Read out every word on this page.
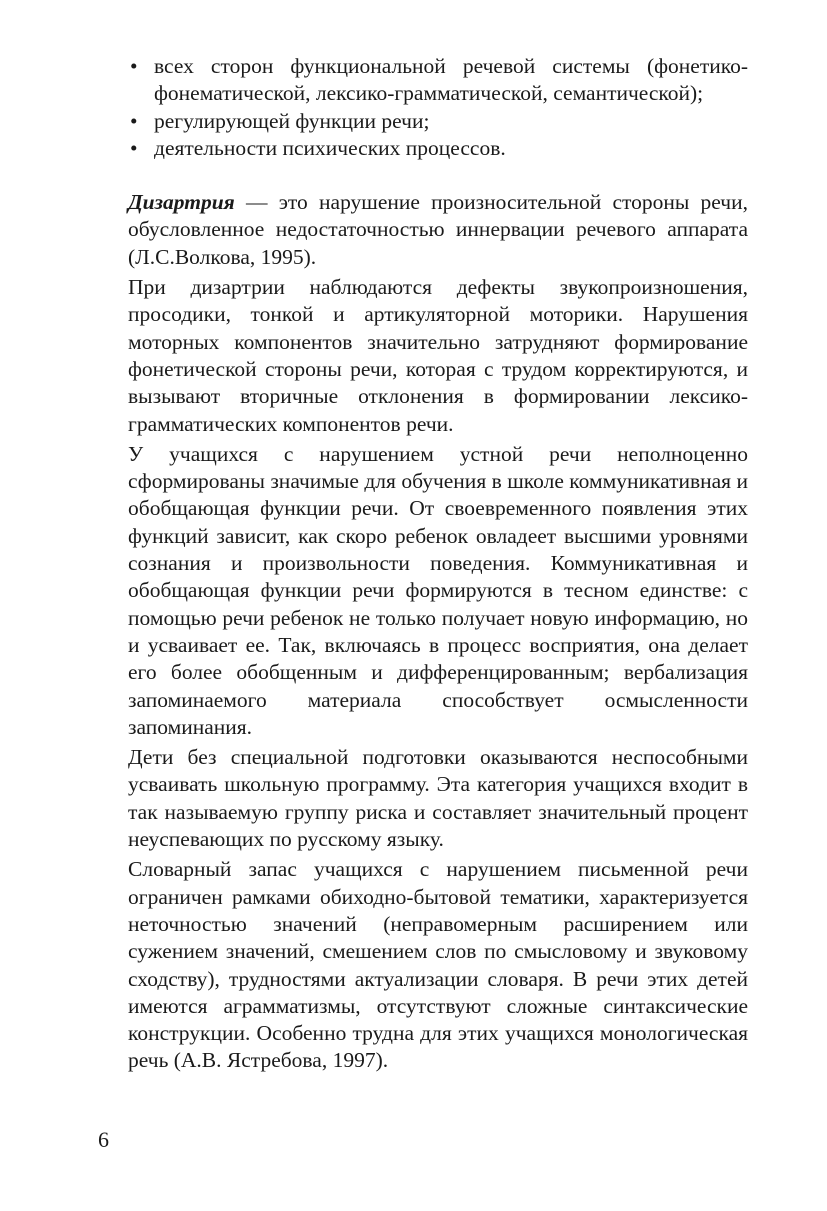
• всех сторон функциональной речевой системы (фонетико-фонематической, лексико-грамматической, семантической);
• регулирующей функции речи;
• деятельности психических процессов.

Дизартрия — это нарушение произносительной стороны речи, обусловленное недостаточностью иннервации речевого аппарата (Л.С.Волкова, 1995).

При дизартрии наблюдаются дефекты звукопроизношения, просодики, тонкой и артикуляторной моторики. Нарушения моторных компонентов значительно затрудняют формирование фонетической стороны речи, которая с трудом корректируются, и вызывают вторичные отклонения в формировании лексико-грамматических компонентов речи.

У учащихся с нарушением устной речи неполноценно сформированы значимые для обучения в школе коммуникативная и обобщающая функции речи. От своевременного появления этих функций зависит, как скоро ребенок овладеет высшими уровнями сознания и произвольности поведения. Коммуникативная и обобщающая функции речи формируются в тесном единстве: с помощью речи ребенок не только получает новую информацию, но и усваивает ее. Так, включаясь в процесс восприятия, она делает его более обобщенным и дифференцированным; вербализация запоминаемого материала способствует осмысленности запоминания.

Дети без специальной подготовки оказываются неспособными усваивать школьную программу. Эта категория учащихся входит в так называемую группу риска и составляет значительный процент неуспевающих по русскому языку.

Словарный запас учащихся с нарушением письменной речи ограничен рамками обиходно-бытовой тематики, характеризуется неточностью значений (неправомерным расширением или сужением значений, смешением слов по смысловому и звуковому сходству), трудностями актуализации словаря. В речи этих детей имеются аграмматизмы, отсутствуют сложные синтаксические конструкции. Особенно трудна для этих учащихся монологическая речь (А.В. Ястребова, 1997).

6
